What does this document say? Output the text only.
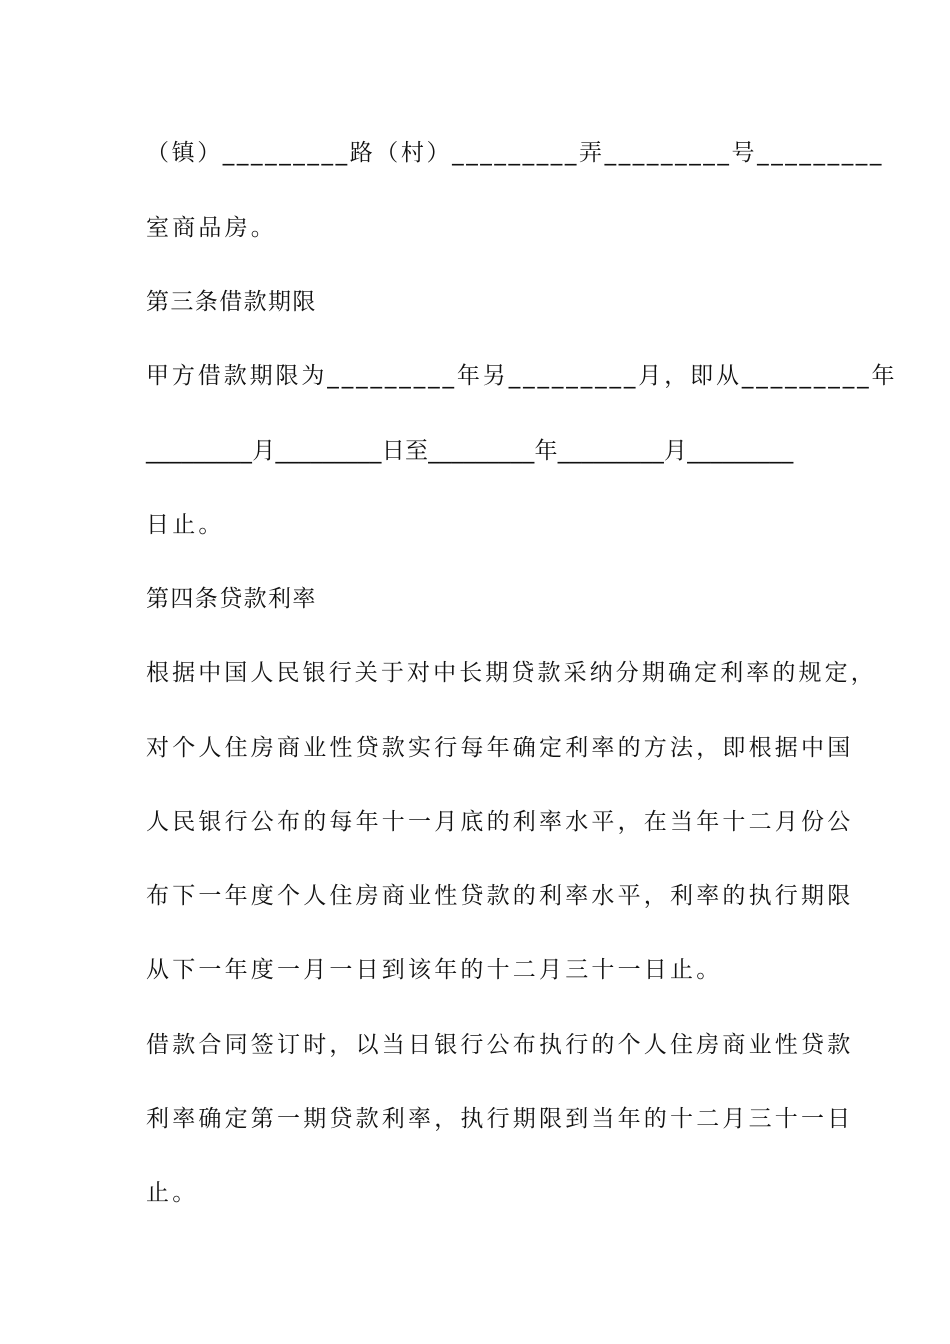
（镇）_________路（村）_________弄_________号_________
室商品房。
第三条借款期限
甲方借款期限为_________年另_________月，即从_________年
_________月_________日至_________年_________月_________
日止。
第四条贷款利率
根据中国人民银行关于对中长期贷款采纳分期确定利率的规定，
对个人住房商业性贷款实行每年确定利率的方法，即根据中国
人民银行公布的每年十一月底的利率水平，在当年十二月份公
布下一年度个人住房商业性贷款的利率水平，利率的执行期限
从下一年度一月一日到该年的十二月三十一日止。
借款合同签订时，以当日银行公布执行的个人住房商业性贷款
利率确定第一期贷款利率，执行期限到当年的十二月三十一日
止。
